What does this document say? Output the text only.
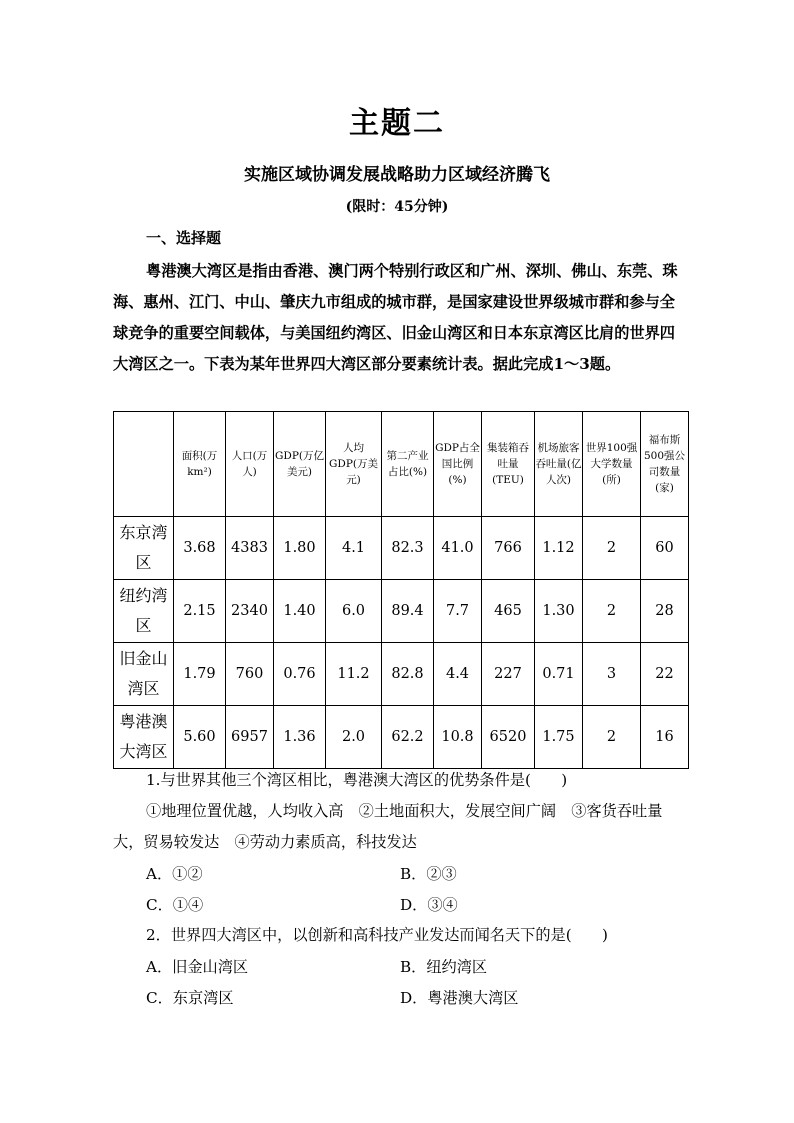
主题二
实施区域协调发展战略助力区域经济腾飞
(限时：45分钟)
一、选择题
粤港澳大湾区是指由香港、澳门两个特别行政区和广州、深圳、佛山、东莞、珠海、惠州、江门、中山、肇庆九市组成的城市群，是国家建设世界级城市群和参与全球竞争的重要空间载体，与美国纽约湾区、旧金山湾区和日本东京湾区比肩的世界四大湾区之一。下表为某年世界四大湾区部分要素统计表。据此完成1～3题。
	面积(万km²)	人口(万人)	GDP(万亿美元)	人均GDP(万美元)	第二产业占比(%)	GDP占全国比例(%)	集装箱吞吐量(TEU)	机场旅客吞吐量(亿人次)	世界100强大学数量(所)	福布斯500强公司数量(家)
东京湾区	3.68	4383	1.80	4.1	82.3	41.0	766	1.12	2	60
纽约湾区	2.15	2340	1.40	6.0	89.4	7.7	465	1.30	2	28
旧金山湾区	1.79	760	0.76	11.2	82.8	4.4	227	0.71	3	22
粤港澳大湾区	5.60	6957	1.36	2.0	62.2	10.8	6520	1.75	2	16
1.与世界其他三个湾区相比，粤港澳大湾区的优势条件是(　　)
①地理位置优越，人均收入高　②土地面积大，发展空间广阔　③客货吞吐量大，贸易较发达　④劳动力素质高，科技发达
A．①②	B．②③
C．①④	D．③④
2．世界四大湾区中，以创新和高科技产业发达而闻名天下的是(　　)
A．旧金山湾区	B．纽约湾区
C．东京湾区	D．粤港澳大湾区
